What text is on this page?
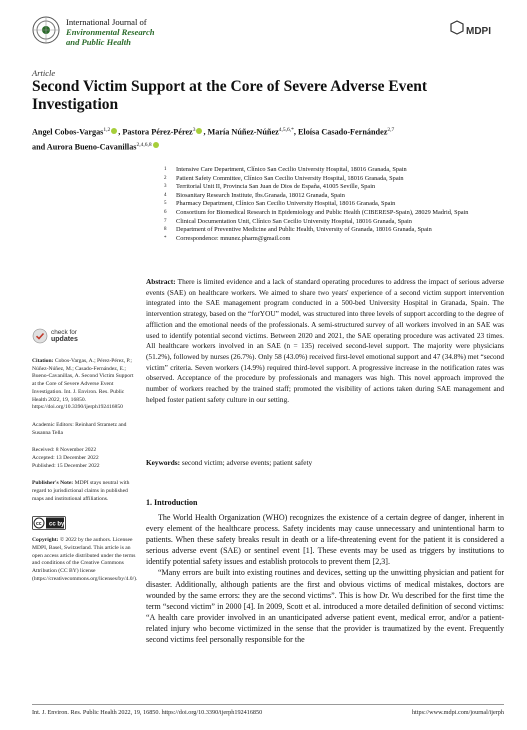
International Journal of
Environmental Research
and Public Health
MDPI
Article
Second Victim Support at the Core of Severe Adverse Event Investigation
Angel Cobos-Vargas$^{1,2}$ , Pastora Pérez-Pérez$^3$ , María Núñez-Núñez$^{4,5,6,*}$, Eloísa Casado-Fernández$^{2,7}$
and Aurora Bueno-Cavanillas$^{2,4,6,8}$
1	Intensive Care Department, Clínico San Cecilio University Hospital, 18016 Granada, Spain
2	Patient Safety Committee, Clínico San Cecilio University Hospital, 18016 Granada, Spain
3	Territorial Unit II, Provincia San Juan de Dios de España, 41005 Seville, Spain
4	Biosanitary Research Institute, Ibs.Granada, 18012 Granada, Spain
5	Pharmacy Department, Clínico San Cecilio University Hospital, 18016 Granada, Spain
6	Consortium for Biomedical Research in Epidemiology and Public Health (CIBERESP-Spain), 28029 Madrid, Spain
7	Clinical Documentation Unit, Clínico San Cecilio University Hospital, 18016 Granada, Spain
8	Department of Preventive Medicine and Public Health, University of Granada, 18016 Granada, Spain
*	Correspondence: mnunez.pharm@gmail.com
check for
updates
Citation: Cobos-Vargas, A.; Pérez-Pérez, P.; Núñez-Núñez, M.; Casado-Fernández, E.; Bueno-Cavanillas, A. Second Victim Support at the Core of Severe Adverse Event Investigation. Int. J. Environ. Res. Public Health 2022, 19, 16850. https://doi.org/10.3390/ijerph192416850
Academic Editors: Reinhard Strametz and Susanna Tella
Received: 8 November 2022
Accepted: 13 December 2022
Published: 15 December 2022
Publisher's Note: MDPI stays neutral with regard to jurisdictional claims in published maps and institutional affiliations.
cc cc by
Copyright: © 2022 by the authors. Licensee MDPI, Basel, Switzerland. This article is an open access article distributed under the terms and conditions of the Creative Commons Attribution (CC BY) license (https://creativecommons.org/licenses/by/4.0/).
Abstract: There is limited evidence and a lack of standard operating procedures to address the impact of serious adverse events (SAE) on healthcare workers. We aimed to share two years' experience of a second victim support intervention integrated into the SAE management program conducted in a 500-bed University Hospital in Granada, Spain. The intervention strategy, based on the “forYOU” model, was structured into three levels of support according to the degree of affliction and the emotional needs of the professionals. A semi-structured survey of all workers involved in an SAE was used to identify potential second victims. Between 2020 and 2021, the SAE operating procedure was activated 23 times. All healthcare workers involved in an SAE (n = 135) received second-level support. The majority were physicians (51.2%), followed by nurses (26.7%). Only 58 (43.0%) received first-level emotional support and 47 (34.8%) met “second victim” criteria. Seven workers (14.9%) required third-level support. A progressive increase in the notification rates was observed. Acceptance of the procedure by professionals and managers was high. This novel approach improved the number of workers reached by the trained staff; promoted the visibility of actions taken during SAE management and helped foster patient safety culture in our setting.
Keywords: second victim; adverse events; patient safety
1. Introduction

The World Health Organization (WHO) recognizes the existence of a certain degree of danger, inherent in every element of the healthcare process. Safety incidents may cause unnecessary and unintentional harm to patients. When these safety breaks result in death or a life-threatening event for the patient it is considered a serious adverse event (SAE) or sentinel event [1]. These events may be used as triggers by institutions to identify potential safety issues and establish protocols to prevent them [2,3].

“Many errors are built into existing routines and devices, setting up the unwitting physician and patient for disaster. Additionally, although patients are the first and obvious victims of medical mistakes, doctors are wounded by the same errors: they are the second victims”. This is how Dr. Wu described for the first time the term “second victim” in 2000 [4]. In 2009, Scott et al. introduced a more detailed definition of second victims: “A health care provider involved in an unanticipated adverse patient event, medical error, and/or a patient-related injury who become victimized in the sense that the provider is traumatized by the event. Frequently second victims feel personally responsible for the

Int. J. Environ. Res. Public Health 2022, 19, 16850. https://doi.org/10.3390/ijerph192416850	https://www.mdpi.com/journal/ijerph
